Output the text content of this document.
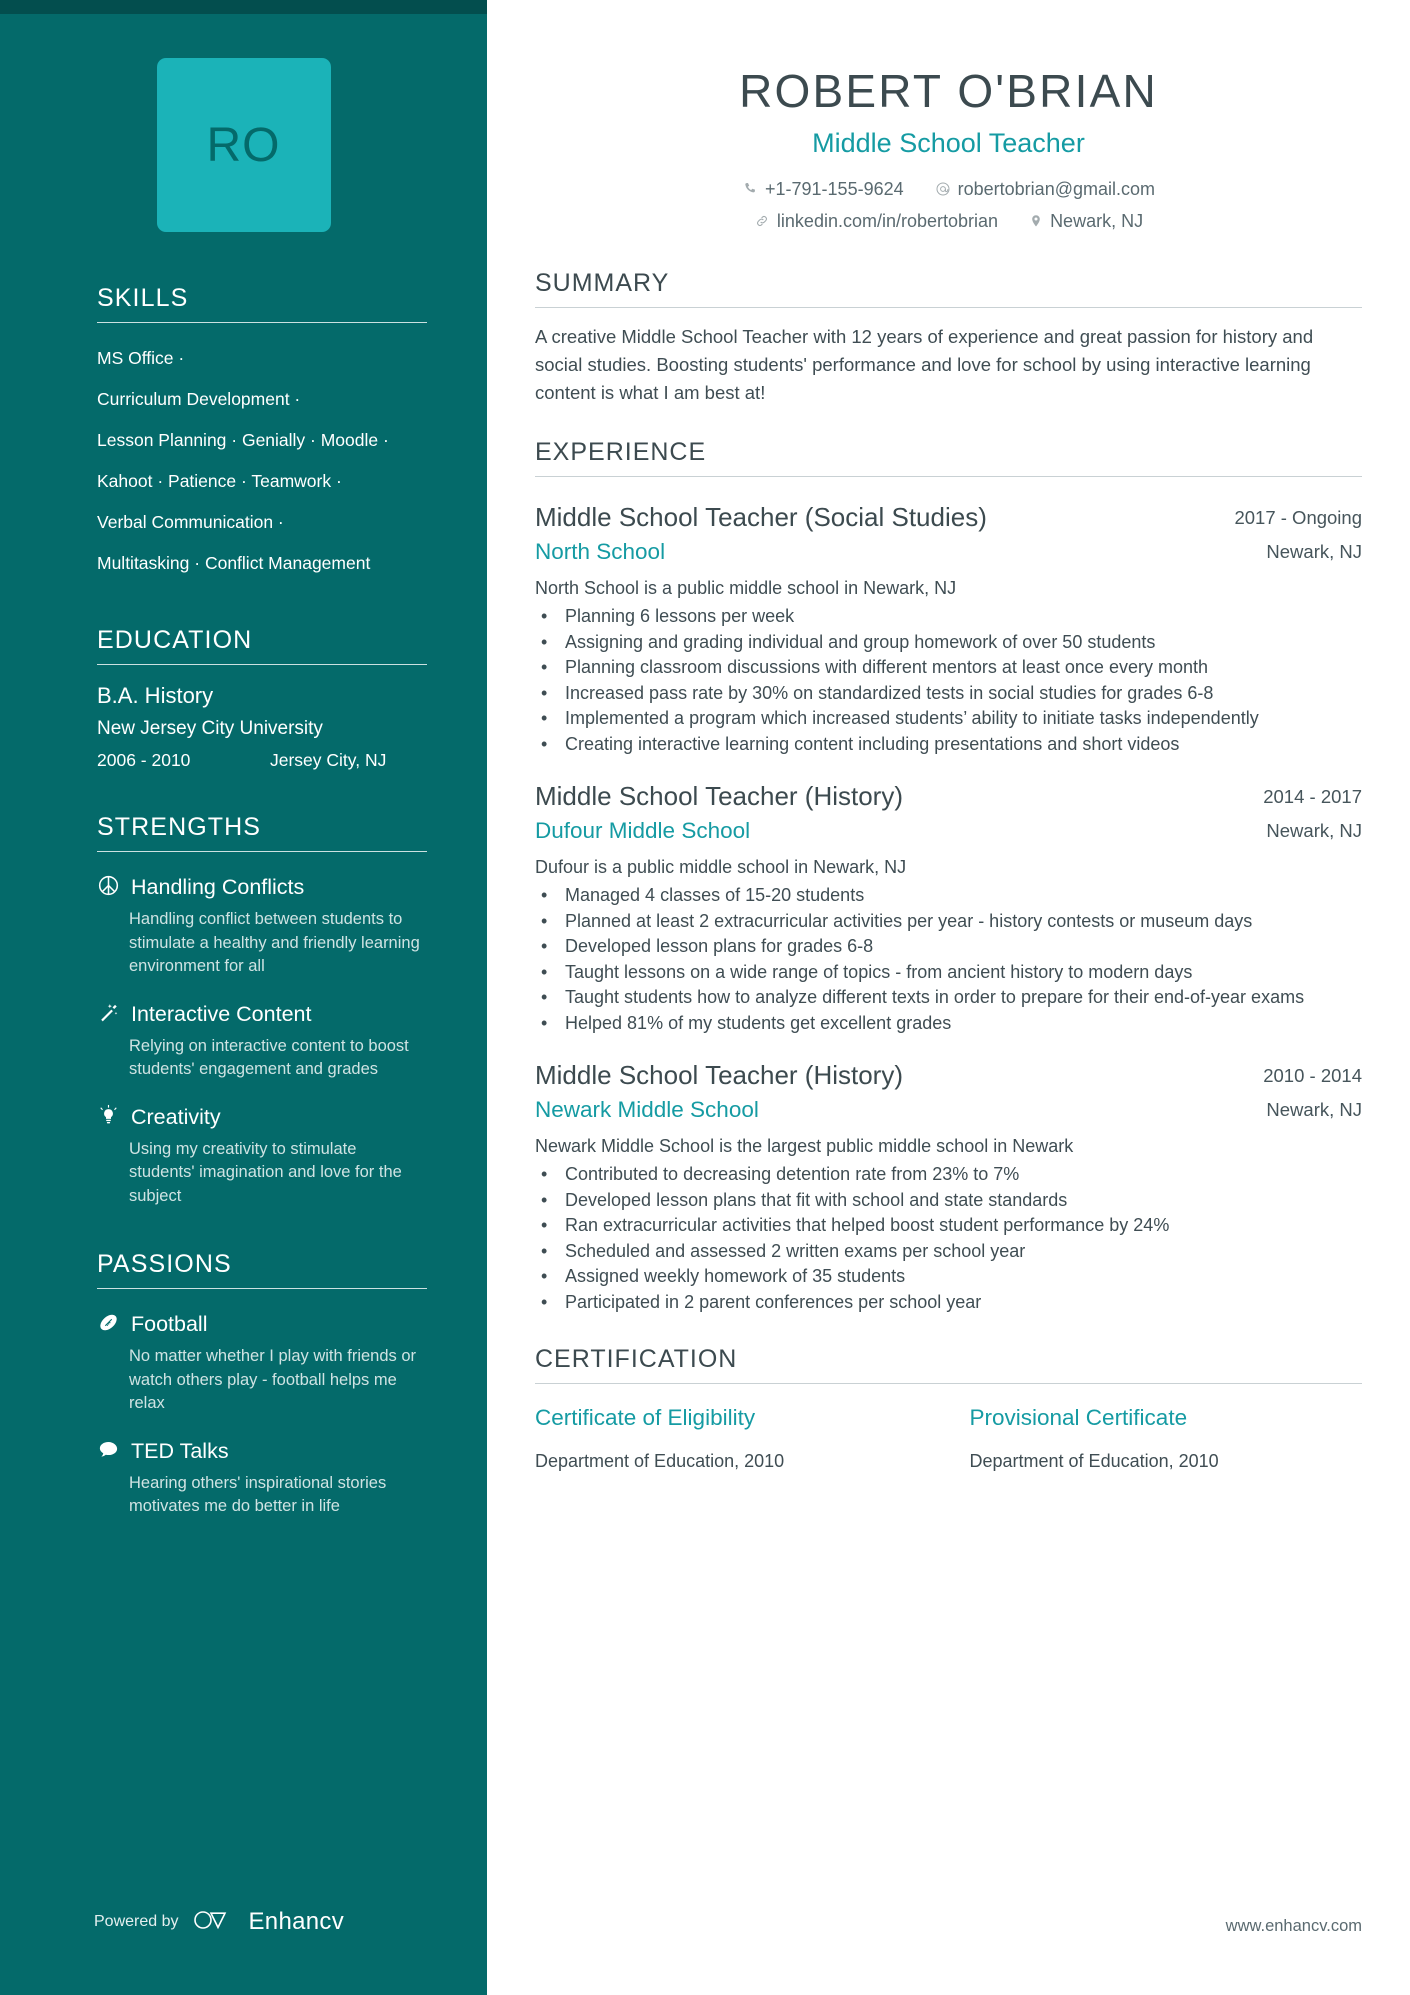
RO
SKILLS
MS Office ·
Curriculum Development ·
Lesson Planning · Genially · Moodle ·
Kahoot · Patience · Teamwork ·
Verbal Communication ·
Multitasking · Conflict Management
EDUCATION
B.A. History
New Jersey City University
2006 - 2010	Jersey City, NJ
STRENGTHS
Handling Conflicts
Handling conflict between students to stimulate a healthy and friendly learning environment for all
Interactive Content
Relying on interactive content to boost students' engagement and grades
Creativity
Using my creativity to stimulate students' imagination and love for the subject
PASSIONS
Football
No matter whether I play with friends or watch others play - football helps me relax
TED Talks
Hearing others' inspirational stories motivates me do better in life
Powered by	Enhancv
ROBERT O'BRIAN
Middle School Teacher
+1-791-155-9624
	robertobrian@gmail.com

linkedin.com/in/robertobrian
	Newark, NJ
SUMMARY

A creative Middle School Teacher with 12 years of experience and great passion for history and social studies. Boosting students' performance and love for school by using interactive learning content is what I am best at!

EXPERIENCE
Middle School Teacher (Social Studies)	2017 - Ongoing
North School	Newark, NJ
North School is a public middle school in Newark, NJ
• Planning 6 lessons per week
• Assigning and grading individual and group homework of over 50 students
• Planning classroom discussions with different mentors at least once every month
• Increased pass rate by 30% on standardized tests in social studies for grades 6-8
• Implemented a program which increased students’ ability to initiate tasks independently
• Creating interactive learning content including presentations and short videos
Middle School Teacher (History)	2014 - 2017
Dufour Middle School	Newark, NJ
Dufour is a public middle school in Newark, NJ
• Managed 4 classes of 15-20 students
• Planned at least 2 extracurricular activities per year - history contests or museum days
• Developed lesson plans for grades 6-8
• Taught lessons on a wide range of topics - from ancient history to modern days
• Taught students how to analyze different texts in order to prepare for their end-of-year exams
• Helped 81% of my students get excellent grades
Middle School Teacher (History)	2010 - 2014
Newark Middle School	Newark, NJ
Newark Middle School is the largest public middle school in Newark
• Contributed to decreasing detention rate from 23% to 7%
• Developed lesson plans that fit with school and state standards
• Ran extracurricular activities that helped boost student performance by 24%
• Scheduled and assessed 2 written exams per school year
• Assigned weekly homework of 35 students
• Participated in 2 parent conferences per school year
CERTIFICATION
Certificate of Eligibility
Department of Education, 2010
Provisional Certificate
Department of Education, 2010
www.enhancv.com
